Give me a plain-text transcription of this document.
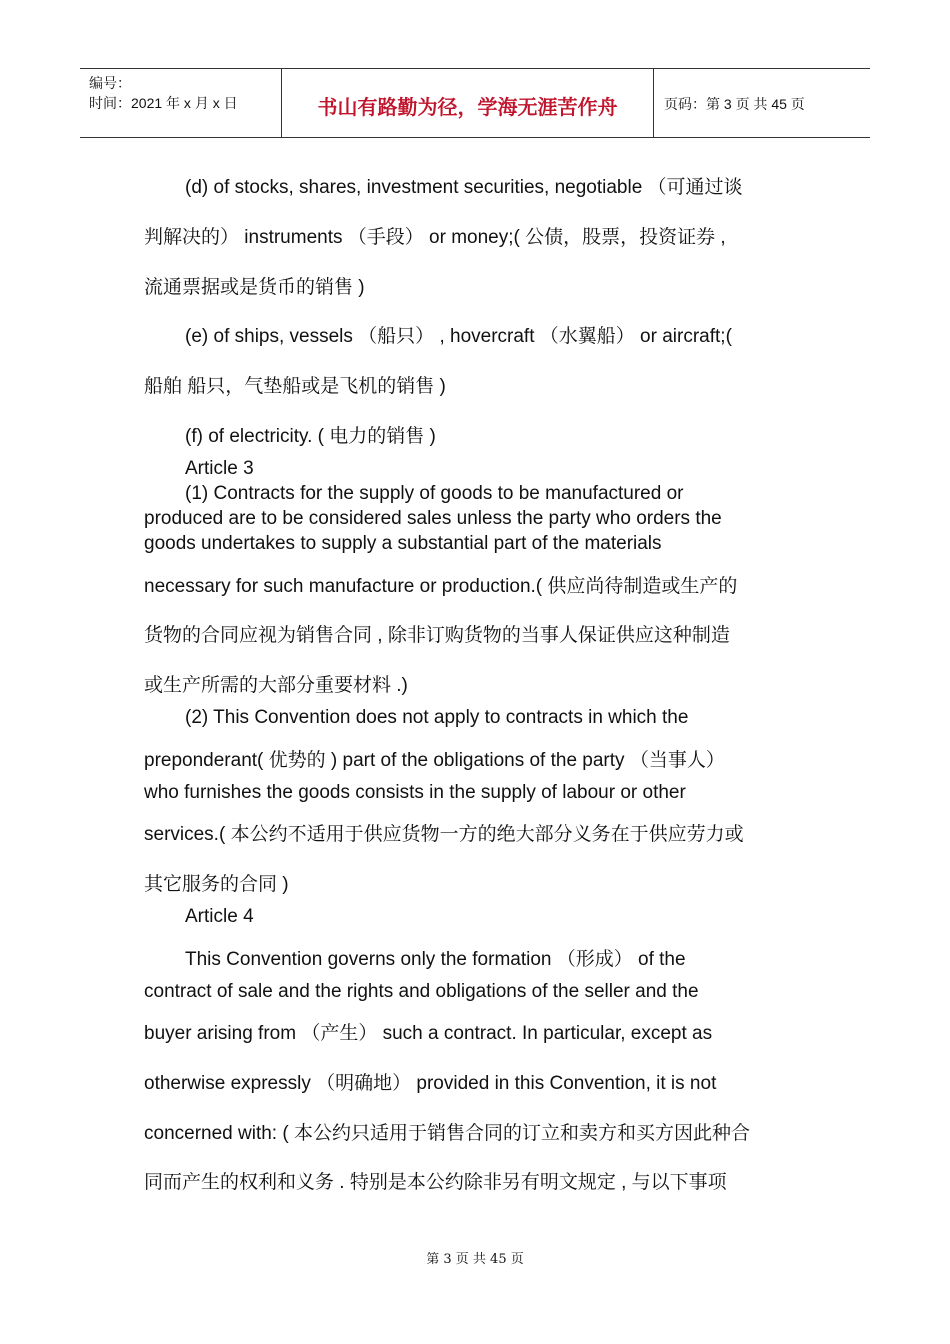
编号：
时间：2021 年 x 月 x 日	书山有路勤为径，学海无涯苦作舟	页码：第 3 页 共 45 页
(d) of stocks, shares, investment securities, negotiable （可通过谈
判解决的） instruments （手段） or money;( 公债，股票，投资证券 ,
流通票据或是货币的销售 )
(e) of ships, vessels （船只） , hovercraft （水翼船） or aircraft;(
船舶 船只，气垫船或是飞机的销售 )
(f) of electricity. ( 电力的销售 )
Article 3
(1) Contracts for the supply of goods to be manufactured or
produced are to be considered sales unless the party who orders the
goods undertakes to supply a substantial part of the materials
necessary for such manufacture or production.( 供应尚待制造或生产的
货物的合同应视为销售合同 , 除非订购货物的当事人保证供应这种制造
或生产所需的大部分重要材料 .)
(2) This Convention does not apply to contracts in which the
preponderant( 优势的 ) part of the obligations of the party （当事人）
who furnishes the goods consists in the supply of labour or other
services.( 本公约不适用于供应货物一方的绝大部分义务在于供应劳力或
其它服务的合同 )
Article 4
This Convention governs only the formation （形成） of the
contract of sale and the rights and obligations of the seller and the
buyer arising from （产生） such a contract. In particular, except as
otherwise expressly （明确地） provided in this Convention, it is not
concerned with: ( 本公约只适用于销售合同的订立和卖方和买方因此种合
同而产生的权利和义务 . 特别是本公约除非另有明文规定 , 与以下事项
第 3 页 共 45 页
